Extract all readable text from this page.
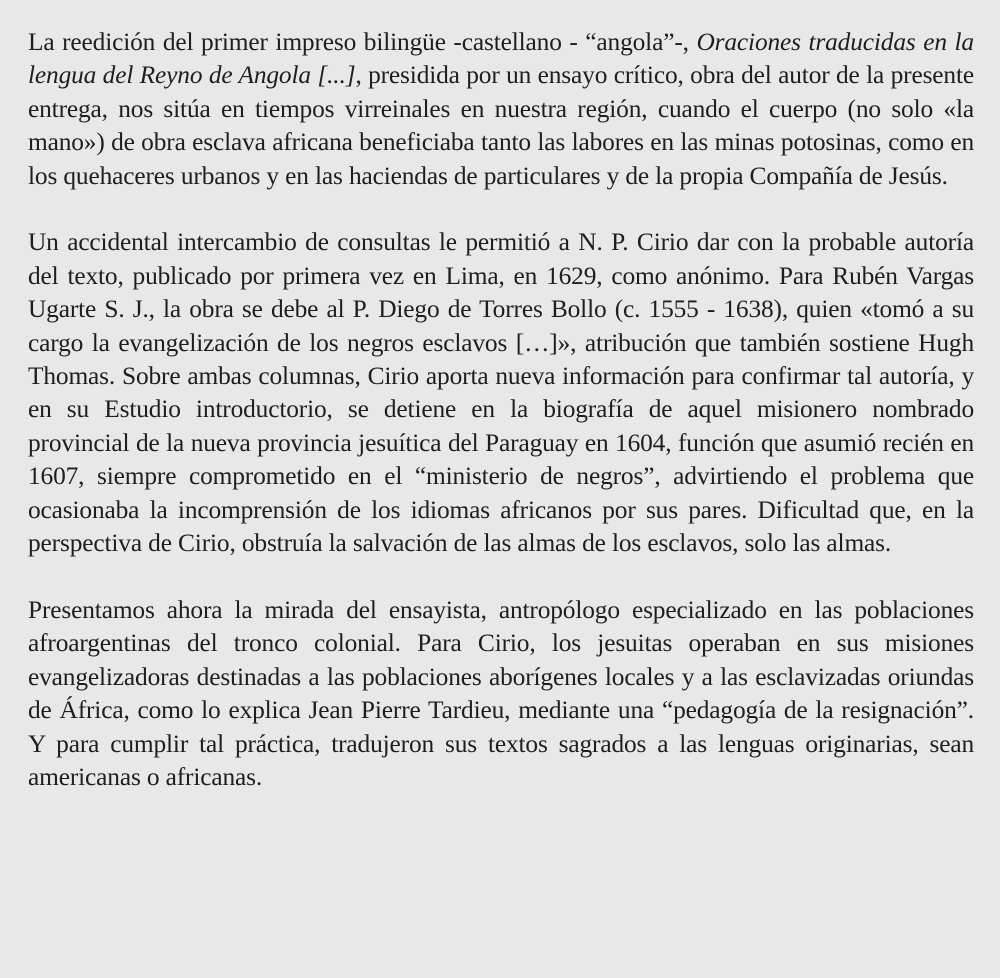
La reedición del primer impreso bilingüe -castellano - “angola”-, Oraciones traducidas en la lengua del Reyno de Angola [...], presidida por un ensayo crítico, obra del autor de la presente entrega, nos sitúa en tiempos virreinales en nuestra región, cuando el cuerpo (no solo «la mano») de obra esclava africana beneficiaba tanto las labores en las minas potosinas, como en los quehaceres urbanos y en las haciendas de particulares y de la propia Compañía de Jesús.

Un accidental intercambio de consultas le permitió a N. P. Cirio dar con la probable autoría del texto, publicado por primera vez en Lima, en 1629, como anónimo. Para Rubén Vargas Ugarte S. J., la obra se debe al P. Diego de Torres Bollo (c. 1555 - 1638), quien «tomó a su cargo la evangelización de los negros esclavos […]», atribución que también sostiene Hugh Thomas. Sobre ambas columnas, Cirio aporta nueva información para confirmar tal autoría, y en su Estudio introductorio, se detiene en la biografía de aquel misionero nombrado provincial de la nueva provincia jesuítica del Paraguay en 1604, función que asumió recién en 1607, siempre comprometido en el “ministerio de negros”, advirtiendo el problema que ocasionaba la incomprensión de los idiomas africanos por sus pares. Dificultad que, en la perspectiva de Cirio, obstruía la salvación de las almas de los esclavos, solo las almas.

Presentamos ahora la mirada del ensayista, antropólogo especializado en las poblaciones afroargentinas del tronco colonial. Para Cirio, los jesuitas operaban en sus misiones evangelizadoras destinadas a las poblaciones aborígenes locales y a las esclavizadas oriundas de África, como lo explica Jean Pierre Tardieu, mediante una “pedagogía de la resignación”. Y para cumplir tal práctica, tradujeron sus textos sagrados a las lenguas originarias, sean americanas o africanas.
